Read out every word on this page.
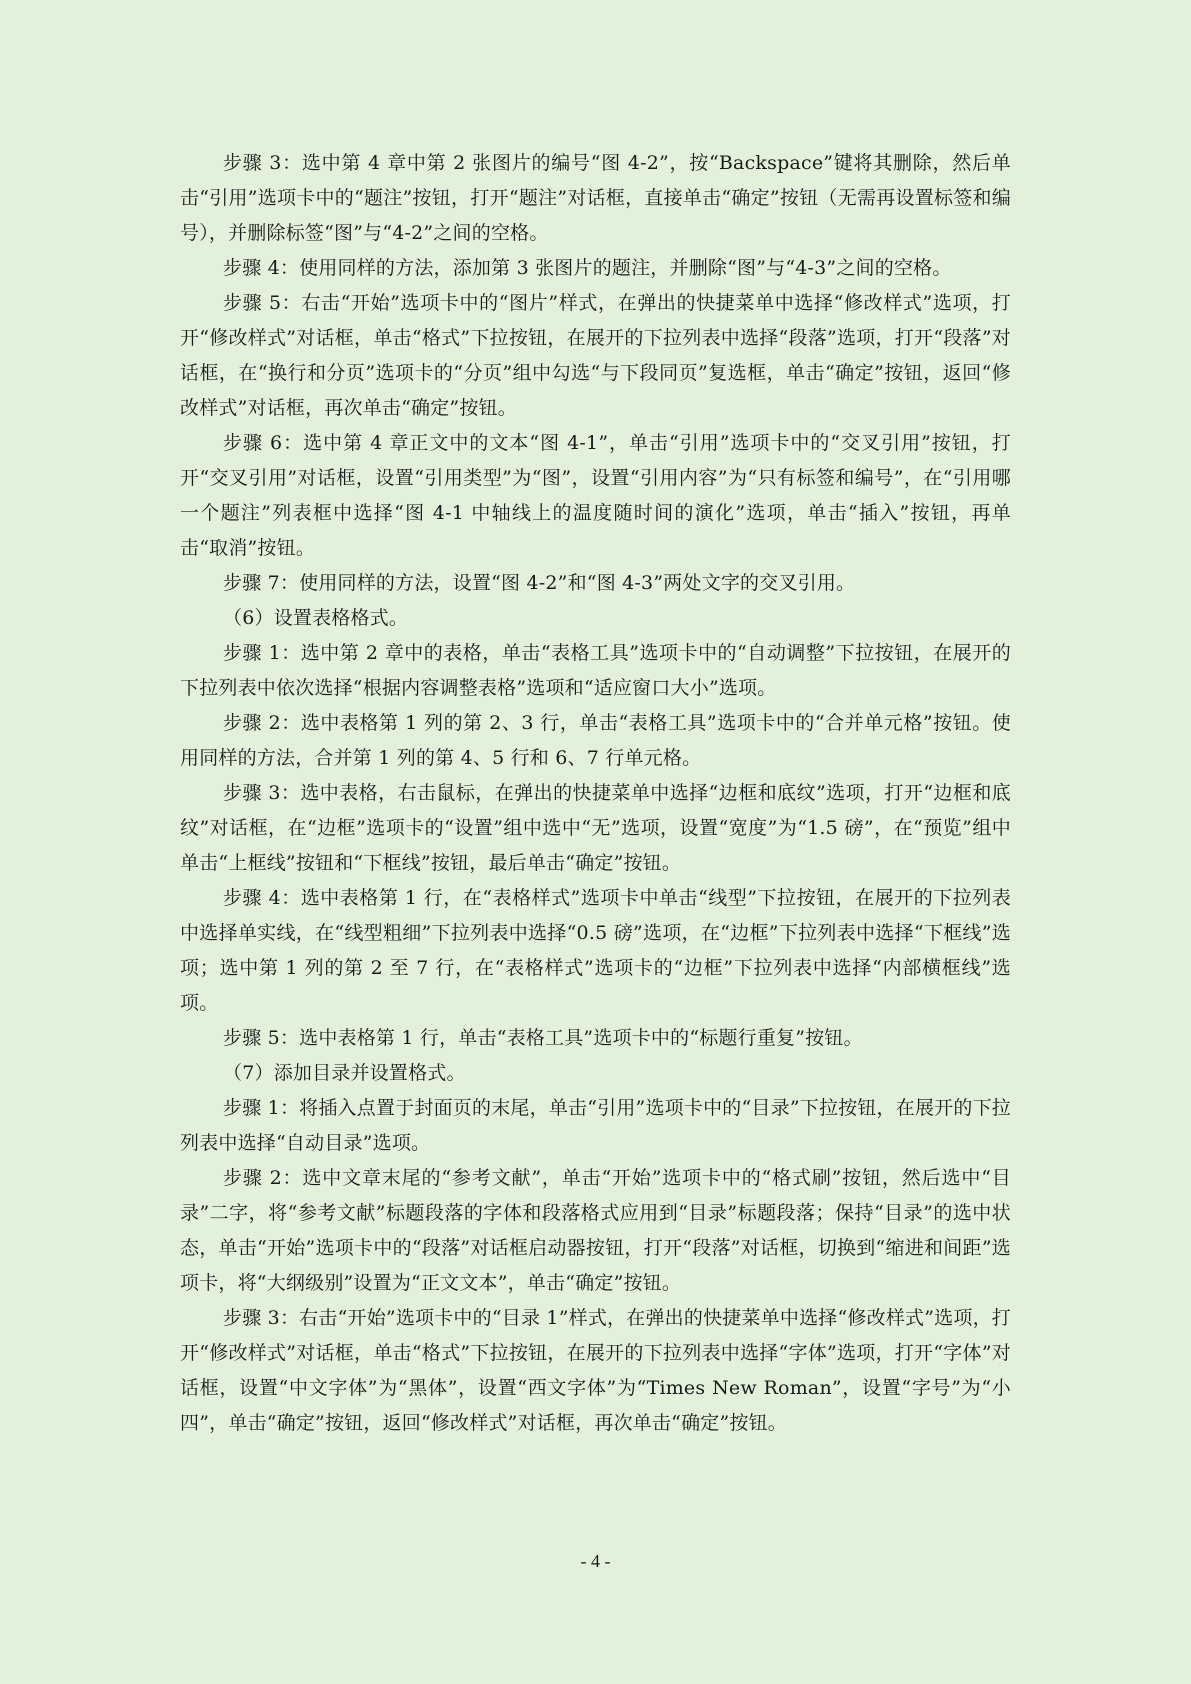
步骤 3：选中第 4 章中第 2 张图片的编号“图 4-2”，按“Backspace”键将其删除，然后单击“引用”选项卡中的“题注”按钮，打开“题注”对话框，直接单击“确定”按钮（无需再设置标签和编号），并删除标签“图”与“4-2”之间的空格。

步骤 4：使用同样的方法，添加第 3 张图片的题注，并删除“图”与“4-3”之间的空格。

步骤 5：右击“开始”选项卡中的“图片”样式，在弹出的快捷菜单中选择“修改样式”选项，打开“修改样式”对话框，单击“格式”下拉按钮，在展开的下拉列表中选择“段落”选项，打开“段落”对话框，在“换行和分页”选项卡的“分页”组中勾选“与下段同页”复选框，单击“确定”按钮，返回“修改样式”对话框，再次单击“确定”按钮。

步骤 6：选中第 4 章正文中的文本“图 4-1”，单击“引用”选项卡中的“交叉引用”按钮，打开“交叉引用”对话框，设置“引用类型”为“图”，设置“引用内容”为“只有标签和编号”，在“引用哪一个题注”列表框中选择“图 4-1 中轴线上的温度随时间的演化”选项，单击“插入”按钮，再单击“取消”按钮。

步骤 7：使用同样的方法，设置“图 4-2”和“图 4-3”两处文字的交叉引用。

（6）设置表格格式。

步骤 1：选中第 2 章中的表格，单击“表格工具”选项卡中的“自动调整”下拉按钮，在展开的下拉列表中依次选择“根据内容调整表格”选项和“适应窗口大小”选项。

步骤 2：选中表格第 1 列的第 2、3 行，单击“表格工具”选项卡中的“合并单元格”按钮。使用同样的方法，合并第 1 列的第 4、5 行和 6、7 行单元格。

步骤 3：选中表格，右击鼠标，在弹出的快捷菜单中选择“边框和底纹”选项，打开“边框和底纹”对话框，在“边框”选项卡的“设置”组中选中“无”选项，设置“宽度”为“1.5 磅”，在“预览”组中单击“上框线”按钮和“下框线”按钮，最后单击“确定”按钮。

步骤 4：选中表格第 1 行，在“表格样式”选项卡中单击“线型”下拉按钮，在展开的下拉列表中选择单实线，在“线型粗细”下拉列表中选择“0.5 磅”选项，在“边框”下拉列表中选择“下框线”选项；选中第 1 列的第 2 至 7 行，在“表格样式”选项卡的“边框”下拉列表中选择“内部横框线”选项。

步骤 5：选中表格第 1 行，单击“表格工具”选项卡中的“标题行重复”按钮。

（7）添加目录并设置格式。

步骤 1：将插入点置于封面页的末尾，单击“引用”选项卡中的“目录”下拉按钮，在展开的下拉列表中选择“自动目录”选项。

步骤 2：选中文章末尾的“参考文献”，单击“开始”选项卡中的“格式刷”按钮，然后选中“目录”二字，将“参考文献”标题段落的字体和段落格式应用到“目录”标题段落；保持“目录”的选中状态，单击“开始”选项卡中的“段落”对话框启动器按钮，打开“段落”对话框，切换到“缩进和间距”选项卡，将“大纲级别”设置为“正文文本”，单击“确定”按钮。

步骤 3：右击“开始”选项卡中的“目录 1”样式，在弹出的快捷菜单中选择“修改样式”选项，打开“修改样式”对话框，单击“格式”下拉按钮，在展开的下拉列表中选择“字体”选项，打开“字体”对话框，设置“中文字体”为“黑体”，设置“西文字体”为“Times New Roman”，设置“字号”为“小四”，单击“确定”按钮，返回“修改样式”对话框，再次单击“确定”按钮。

- 4 -
